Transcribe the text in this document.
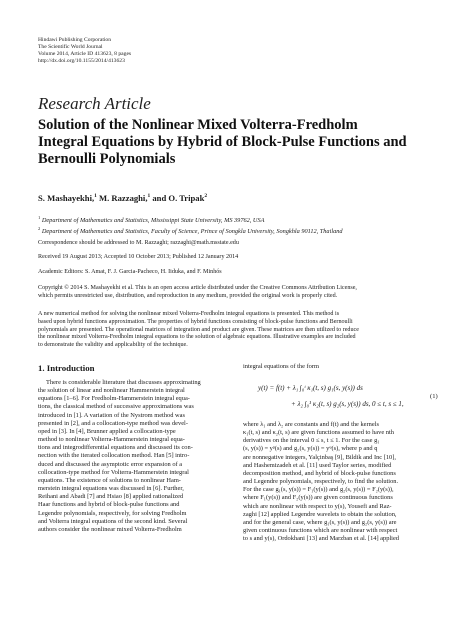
Hindawi Publishing Corporation
The Scientific World Journal
Volume 2014, Article ID 413623, 8 pages
http://dx.doi.org/10.1155/2014/413623
Research Article
Solution of the Nonlinear Mixed Volterra-Fredholm
Integral Equations by Hybrid of Block-Pulse Functions and
Bernoulli Polynomials
S. Mashayekhi,$^1$ M. Razzaghi,$^1$ and O. Tripak$^2$
$^1$ Department of Mathematics and Statistics, Mississippi State University, MS 39762, USA
$^2$ Department of Mathematics and Statistics, Faculty of Science, Prince of Songkla University, Songkhla 90112, Thailand
Correspondence should be addressed to M. Razzaghi; razzaghi@math.msstate.edu
Received 19 August 2013; Accepted 10 October 2013; Published 12 January 2014
Academic Editors: S. Amat, F. J. Garcia-Pacheco, H. Iiduka, and F. Minhós
Copyright © 2014 S. Mashayekhi et al. This is an open access article distributed under the Creative Commons Attribution License,
which permits unrestricted use, distribution, and reproduction in any medium, provided the original work is properly cited.
A new numerical method for solving the nonlinear mixed Volterra-Fredholm integral equations is presented. This method is
based upon hybrid functions approximation. The properties of hybrid functions consisting of block-pulse functions and Bernoulli
polynomials are presented. The operational matrices of integration and product are given. These matrices are then utilized to reduce
the nonlinear mixed Volterra-Fredholm integral equations to the solution of algebraic equations. Illustrative examples are included
to demonstrate the validity and applicability of the technique.
1. Introduction
There is considerable literature that discusses approximating
the solution of linear and nonlinear Hammerstein integral
equations [1–6]. For Fredholm-Hammerstein integral equa-
tions, the classical method of successive approximations was
introduced in [1]. A variation of the Nystrom method was
presented in [2], and a collocation-type method was devel-
oped in [3]. In [4], Brunner applied a collocation-type
method to nonlinear Volterra-Hammerstein integral equa-
tions and integrodifferential equations and discussed its con-
nection with the iterated collocation method. Han [5] intro-
duced and discussed the asymptotic error expansion of a
collocation-type method for Volterra-Hammerstein integral
equations. The existence of solutions to nonlinear Ham-
merstein integral equations was discussed in [6]. Further,
Reihani and Abadi [7] and Hsiao [8] applied rationalized
Haar functions and hybrid of block-pulse functions and
Legendre polynomials, respectively, for solving Fredholm
and Volterra integral equations of the second kind. Several
authors consider the nonlinear mixed Volterra-Fredholm
integral equations of the form
y(t) = f(t) + λ₁ ∫₀ᵗ κ₁(t, s) g₁(s, y(s)) ds
+ λ₂ ∫₀¹ κ₂(t, s) g₂(s, y(s)) ds, 0 ≤ t, s ≤ 1,
(1)
where λ₁ and λ₂ are constants and f(t) and the kernels
κ₁(t, s) and κ₂(t, s) are given functions assumed to have nth
derivatives on the interval 0 ≤ s, t ≤ 1. For the case g₁
(s, y(s)) = yᵖ(s) and g₂(s, y(s)) = yᵠ(s), where p and q
are nonnegative integers, Yalçinbaş [9], Bildik and Inc [10],
and Hashemizadeh et al. [11] used Taylor series, modified
decomposition method, and hybrid of block-pulse functions
and Legendre polynomials, respectively, to find the solution.
For the case g₁(s, y(s)) = F₁(y(s)) and g₂(s, y(s)) = F₂(y(s)),
where F₁(y(s)) and F₂(y(s)) are given continuous functions
which are nonlinear with respect to y(s), Yousefi and Raz-
zaghi [12] applied Legendre wavelets to obtain the solution,
and for the general case, where g₁(s, y(s)) and g₂(s, y(s)) are
given continuous functions which are nonlinear with respect
to s and y(s), Ordokhani [13] and Marzban et al. [14] applied
